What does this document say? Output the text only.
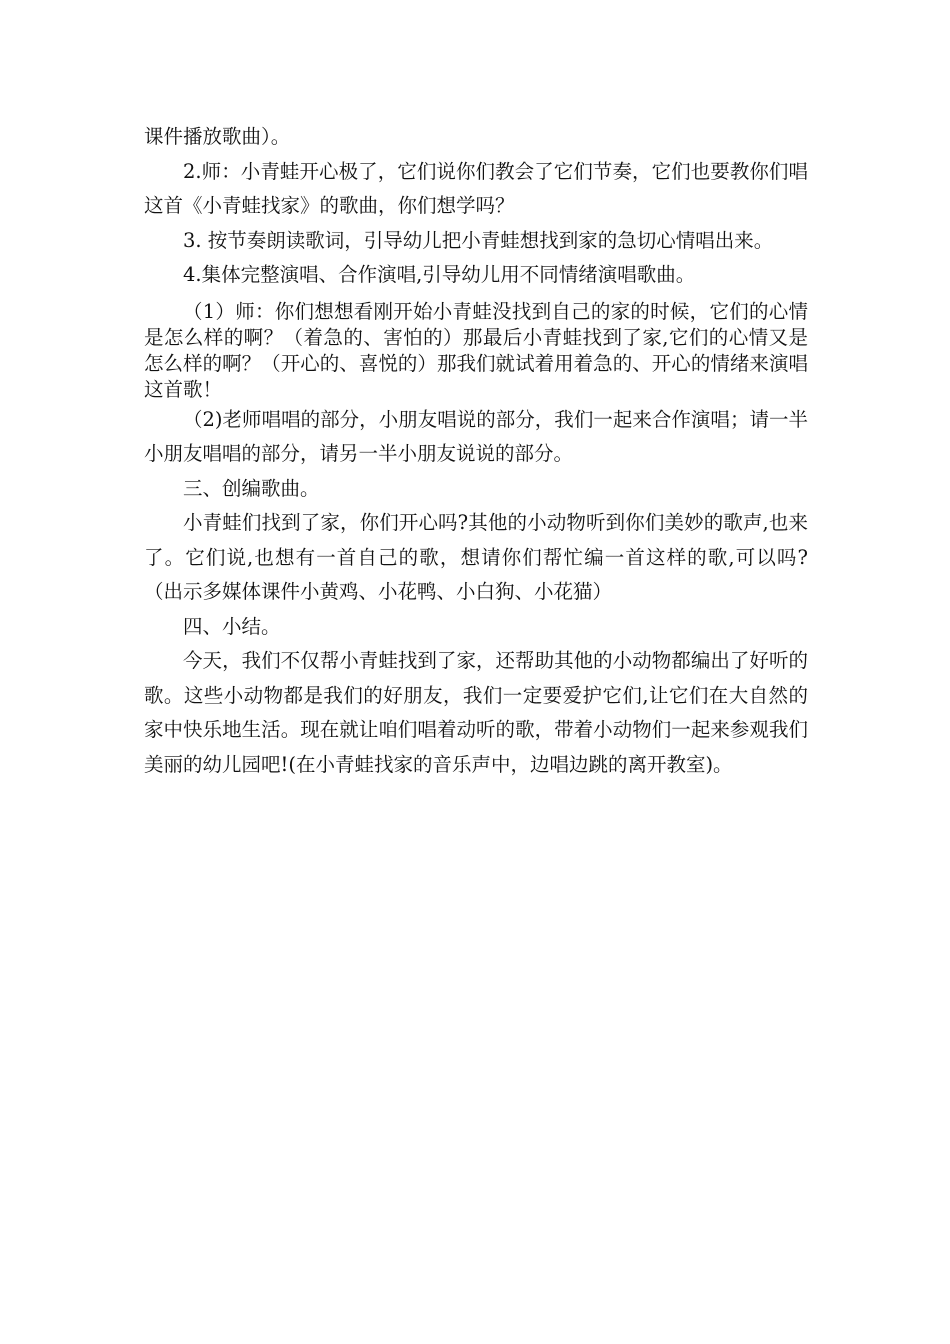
课件播放歌曲）。

2.师：小青蛙开心极了，它们说你们教会了它们节奏，它们也要教你们唱这首《小青蛙找家》的歌曲，你们想学吗？

3. 按节奏朗读歌词，引导幼儿把小青蛙想找到家的急切心情唱出来。

4.集体完整演唱、合作演唱,引导幼儿用不同情绪演唱歌曲。

（1）师：你们想想看刚开始小青蛙没找到自己的家的时候，它们的心情是怎么样的啊？（着急的、害怕的）那最后小青蛙找到了家,它们的心情又是怎么样的啊？（开心的、喜悦的）那我们就试着用着急的、开心的情绪来演唱这首歌！

（2)老师唱唱的部分，小朋友唱说的部分，我们一起来合作演唱；请一半小朋友唱唱的部分，请另一半小朋友说说的部分。

三、创编歌曲。

小青蛙们找到了家，你们开心吗?其他的小动物听到你们美妙的歌声,也来了。它们说,也想有一首自己的歌，想请你们帮忙编一首这样的歌,可以吗?（出示多媒体课件小黄鸡、小花鸭、小白狗、小花猫）

四、小结。

今天，我们不仅帮小青蛙找到了家，还帮助其他的小动物都编出了好听的歌。这些小动物都是我们的好朋友，我们一定要爱护它们,让它们在大自然的家中快乐地生活。现在就让咱们唱着动听的歌，带着小动物们一起来参观我们美丽的幼儿园吧!(在小青蛙找家的音乐声中，边唱边跳的离开教室)。
